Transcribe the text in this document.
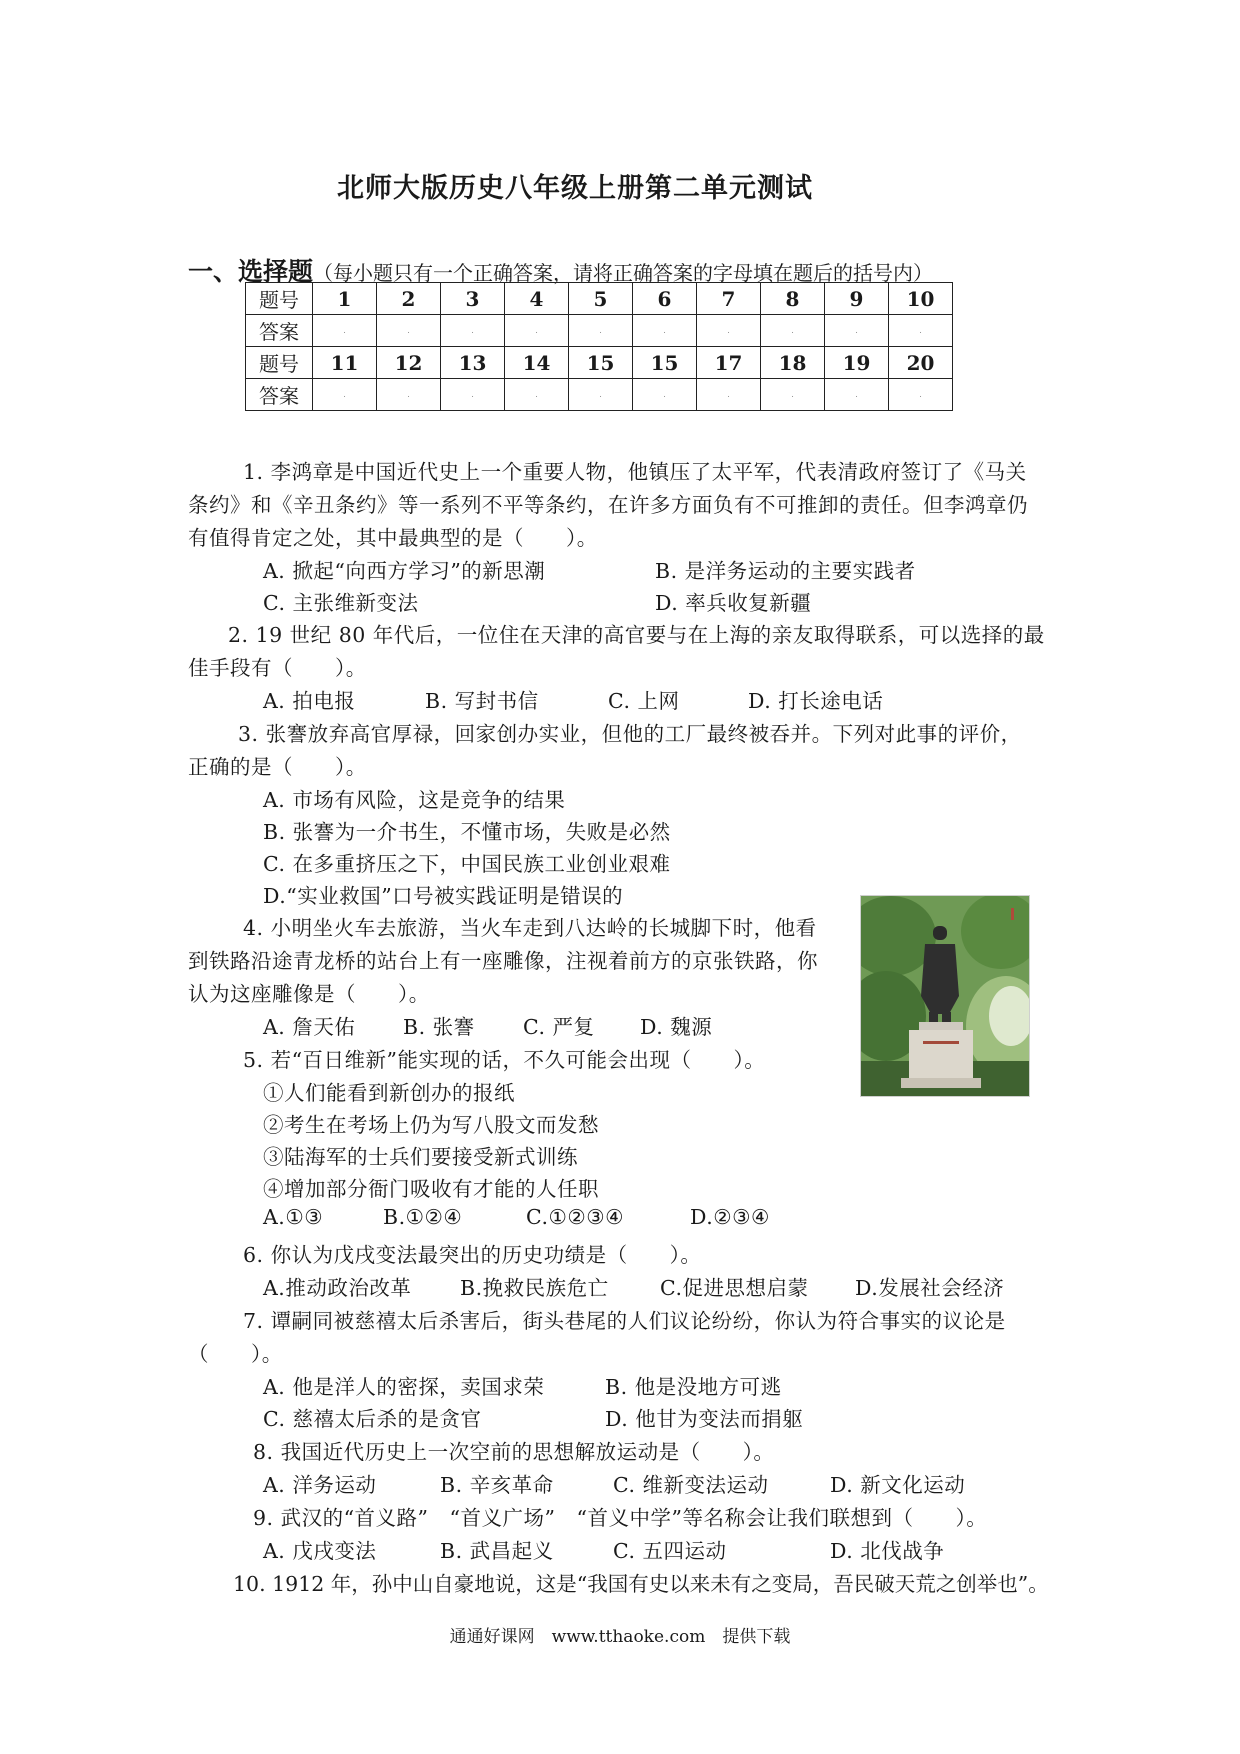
北师大版历史八年级上册第二单元测试
一、选择题（每小题只有一个正确答案，请将正确答案的字母填在题后的括号内）
题号	1	2	3	4	5	6	7	8	9	10
答案	.	.	.	.	.	.	.	.	.	.
题号	11	12	13	14	15	15	17	18	19	20
答案	.	.	.	.	.	.	.	.	.	.
1. 李鸿章是中国近代史上一个重要人物，他镇压了太平军，代表清政府签订了《马关
条约》和《辛丑条约》等一系列不平等条约，在许多方面负有不可推卸的责任。但李鸿章仍
有值得肯定之处，其中最典型的是（　　）。
A. 掀起“向西方学习”的新思潮	B. 是洋务运动的主要实践者
C. 主张维新变法	D. 率兵收复新疆
2. 19 世纪 80 年代后，一位住在天津的高官要与在上海的亲友取得联系，可以选择的最
佳手段有（　　）。
A. 拍电报	B. 写封书信	C. 上网	D. 打长途电话
3. 张謇放弃高官厚禄，回家创办实业，但他的工厂最终被吞并。下列对此事的评价，
正确的是（　　）。
A. 市场有风险，这是竞争的结果
B. 张謇为一介书生，不懂市场，失败是必然
C. 在多重挤压之下，中国民族工业创业艰难
D.“实业救国”口号被实践证明是错误的
4. 小明坐火车去旅游，当火车走到八达岭的长城脚下时，他看
到铁路沿途青龙桥的站台上有一座雕像，注视着前方的京张铁路，你
认为这座雕像是（　　）。
A. 詹天佑 B. 张謇 C. 严复 D. 魏源
5. 若“百日维新”能实现的话，不久可能会出现（　　）。
①人们能看到新创办的报纸
②考生在考场上仍为写八股文而发愁
③陆海军的士兵们要接受新式训练
④增加部分衙门吸收有才能的人任职
A.①③	B.①②④	C.①②③④	D.②③④
6. 你认为戊戌变法最突出的历史功绩是（　　）。
A.推动政治改革 B.挽救民族危亡	C.促进思想启蒙 D.发展社会经济
7. 谭嗣同被慈禧太后杀害后，街头巷尾的人们议论纷纷，你认为符合事实的议论是
（　　）。
A. 他是洋人的密探，卖国求荣	B. 他是没地方可逃
C. 慈禧太后杀的是贪官	D. 他甘为变法而捐躯
8. 我国近代历史上一次空前的思想解放运动是（　　）。
A. 洋务运动	B. 辛亥革命	C. 维新变法运动	D. 新文化运动
9. 武汉的“首义路”　“首义广场”　“首义中学”等名称会让我们联想到（　　）。
A. 戊戌变法	B. 武昌起义	C. 五四运动	D. 北伐战争
10. 1912 年，孙中山自豪地说，这是“我国有史以来未有之变局，吾民破天荒之创举也”。
通通好课网　www.tthaoke.com　提供下载
